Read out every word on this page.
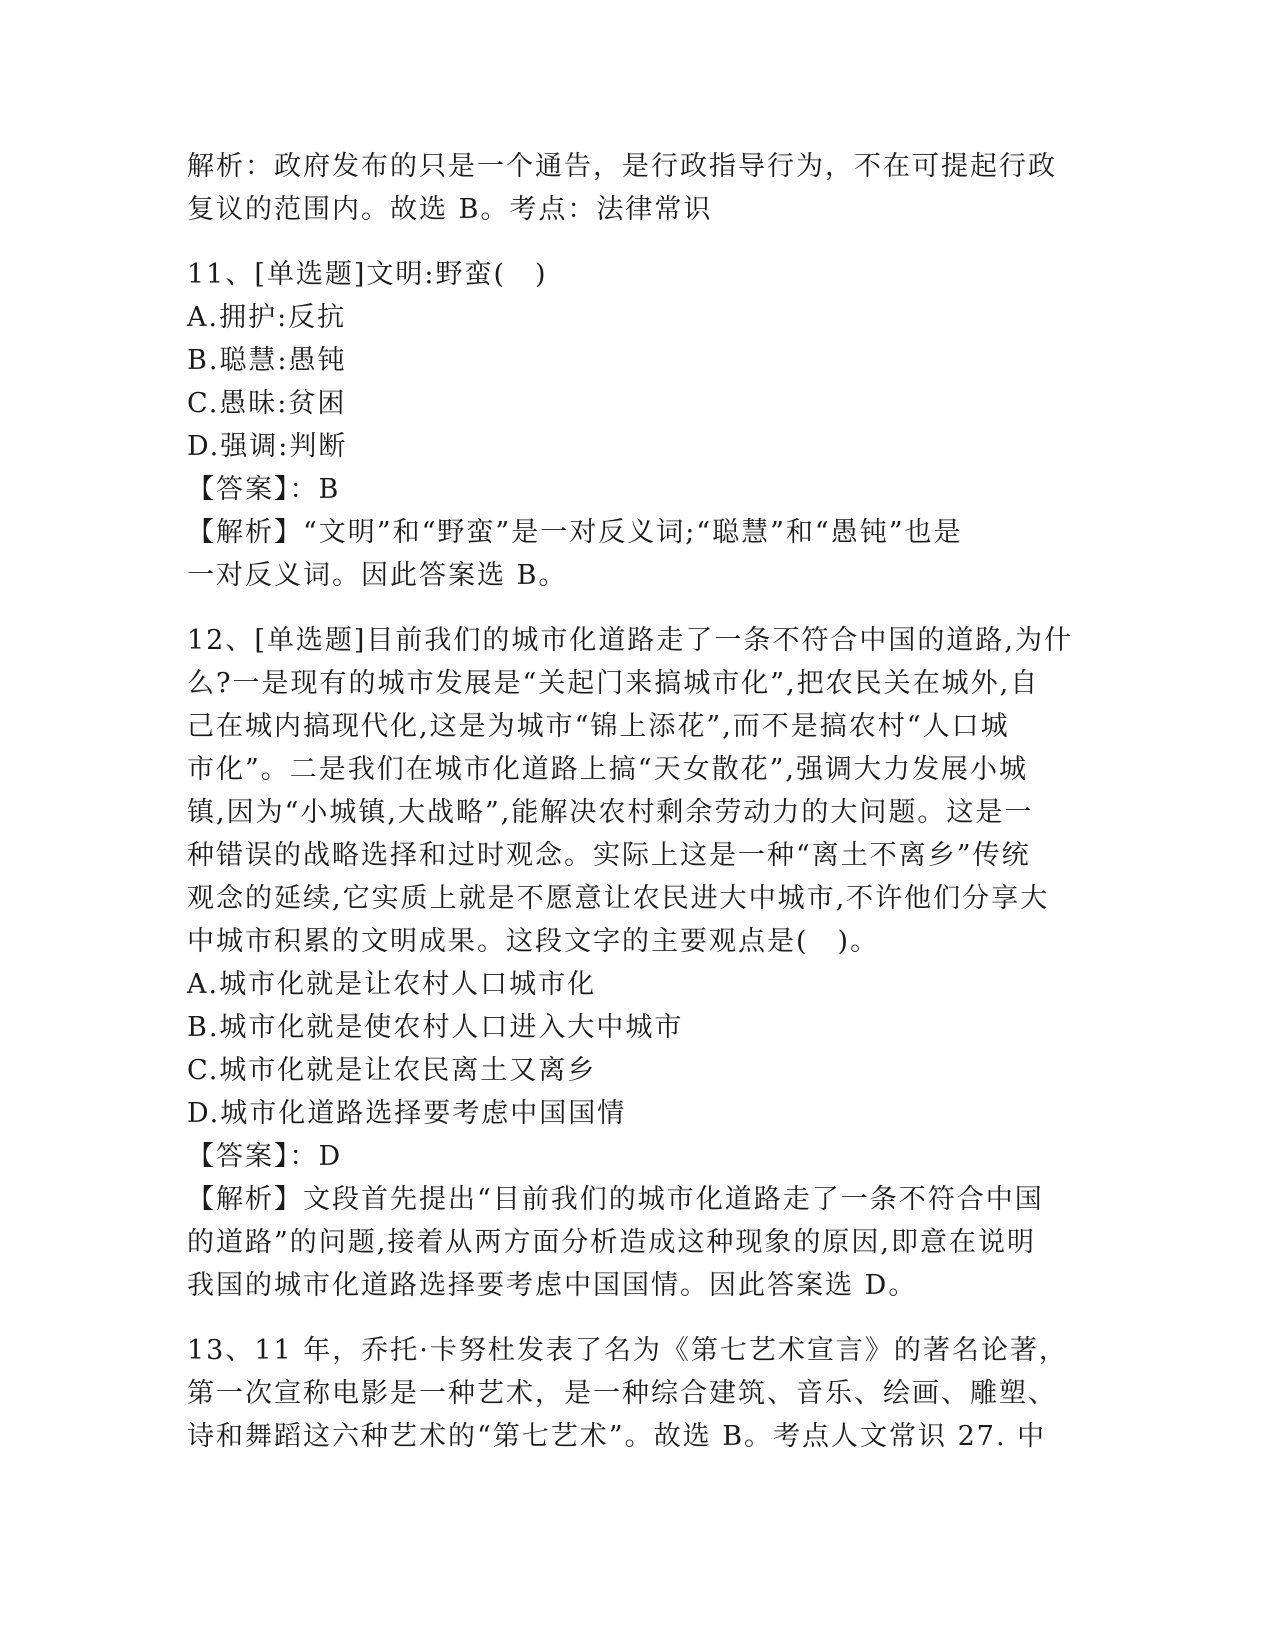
解析：政府发布的只是一个通告，是行政指导行为，不在可提起行政
复议的范围内。故选 B。考点：法律常识
11、[单选题]文明:野蛮(　)
A.拥护:反抗
B.聪慧:愚钝
C.愚昧:贫困
D.强调:判断
【答案】：B
【解析】“文明”和“野蛮”是一对反义词;“聪慧”和“愚钝”也是
一对反义词。因此答案选 B。
12、[单选题]目前我们的城市化道路走了一条不符合中国的道路,为什
么?一是现有的城市发展是“关起门来搞城市化”,把农民关在城外,自
己在城内搞现代化,这是为城市“锦上添花”,而不是搞农村“人口城
市化”。二是我们在城市化道路上搞“天女散花”,强调大力发展小城
镇,因为“小城镇,大战略”,能解决农村剩余劳动力的大问题。这是一
种错误的战略选择和过时观念。实际上这是一种“离土不离乡”传统
观念的延续,它实质上就是不愿意让农民进大中城市,不许他们分享大
中城市积累的文明成果。这段文字的主要观点是(　)。
A.城市化就是让农村人口城市化
B.城市化就是使农村人口进入大中城市
C.城市化就是让农民离土又离乡
D.城市化道路选择要考虑中国国情
【答案】：D
【解析】文段首先提出“目前我们的城市化道路走了一条不符合中国
的道路”的问题,接着从两方面分析造成这种现象的原因,即意在说明
我国的城市化道路选择要考虑中国国情。因此答案选 D。
13、11 年，乔托·卡努杜发表了名为《第七艺术宣言》的著名论著，
第一次宣称电影是一种艺术，是一种综合建筑、音乐、绘画、雕塑、
诗和舞蹈这六种艺术的“第七艺术”。故选 B。考点人文常识 27. 中
